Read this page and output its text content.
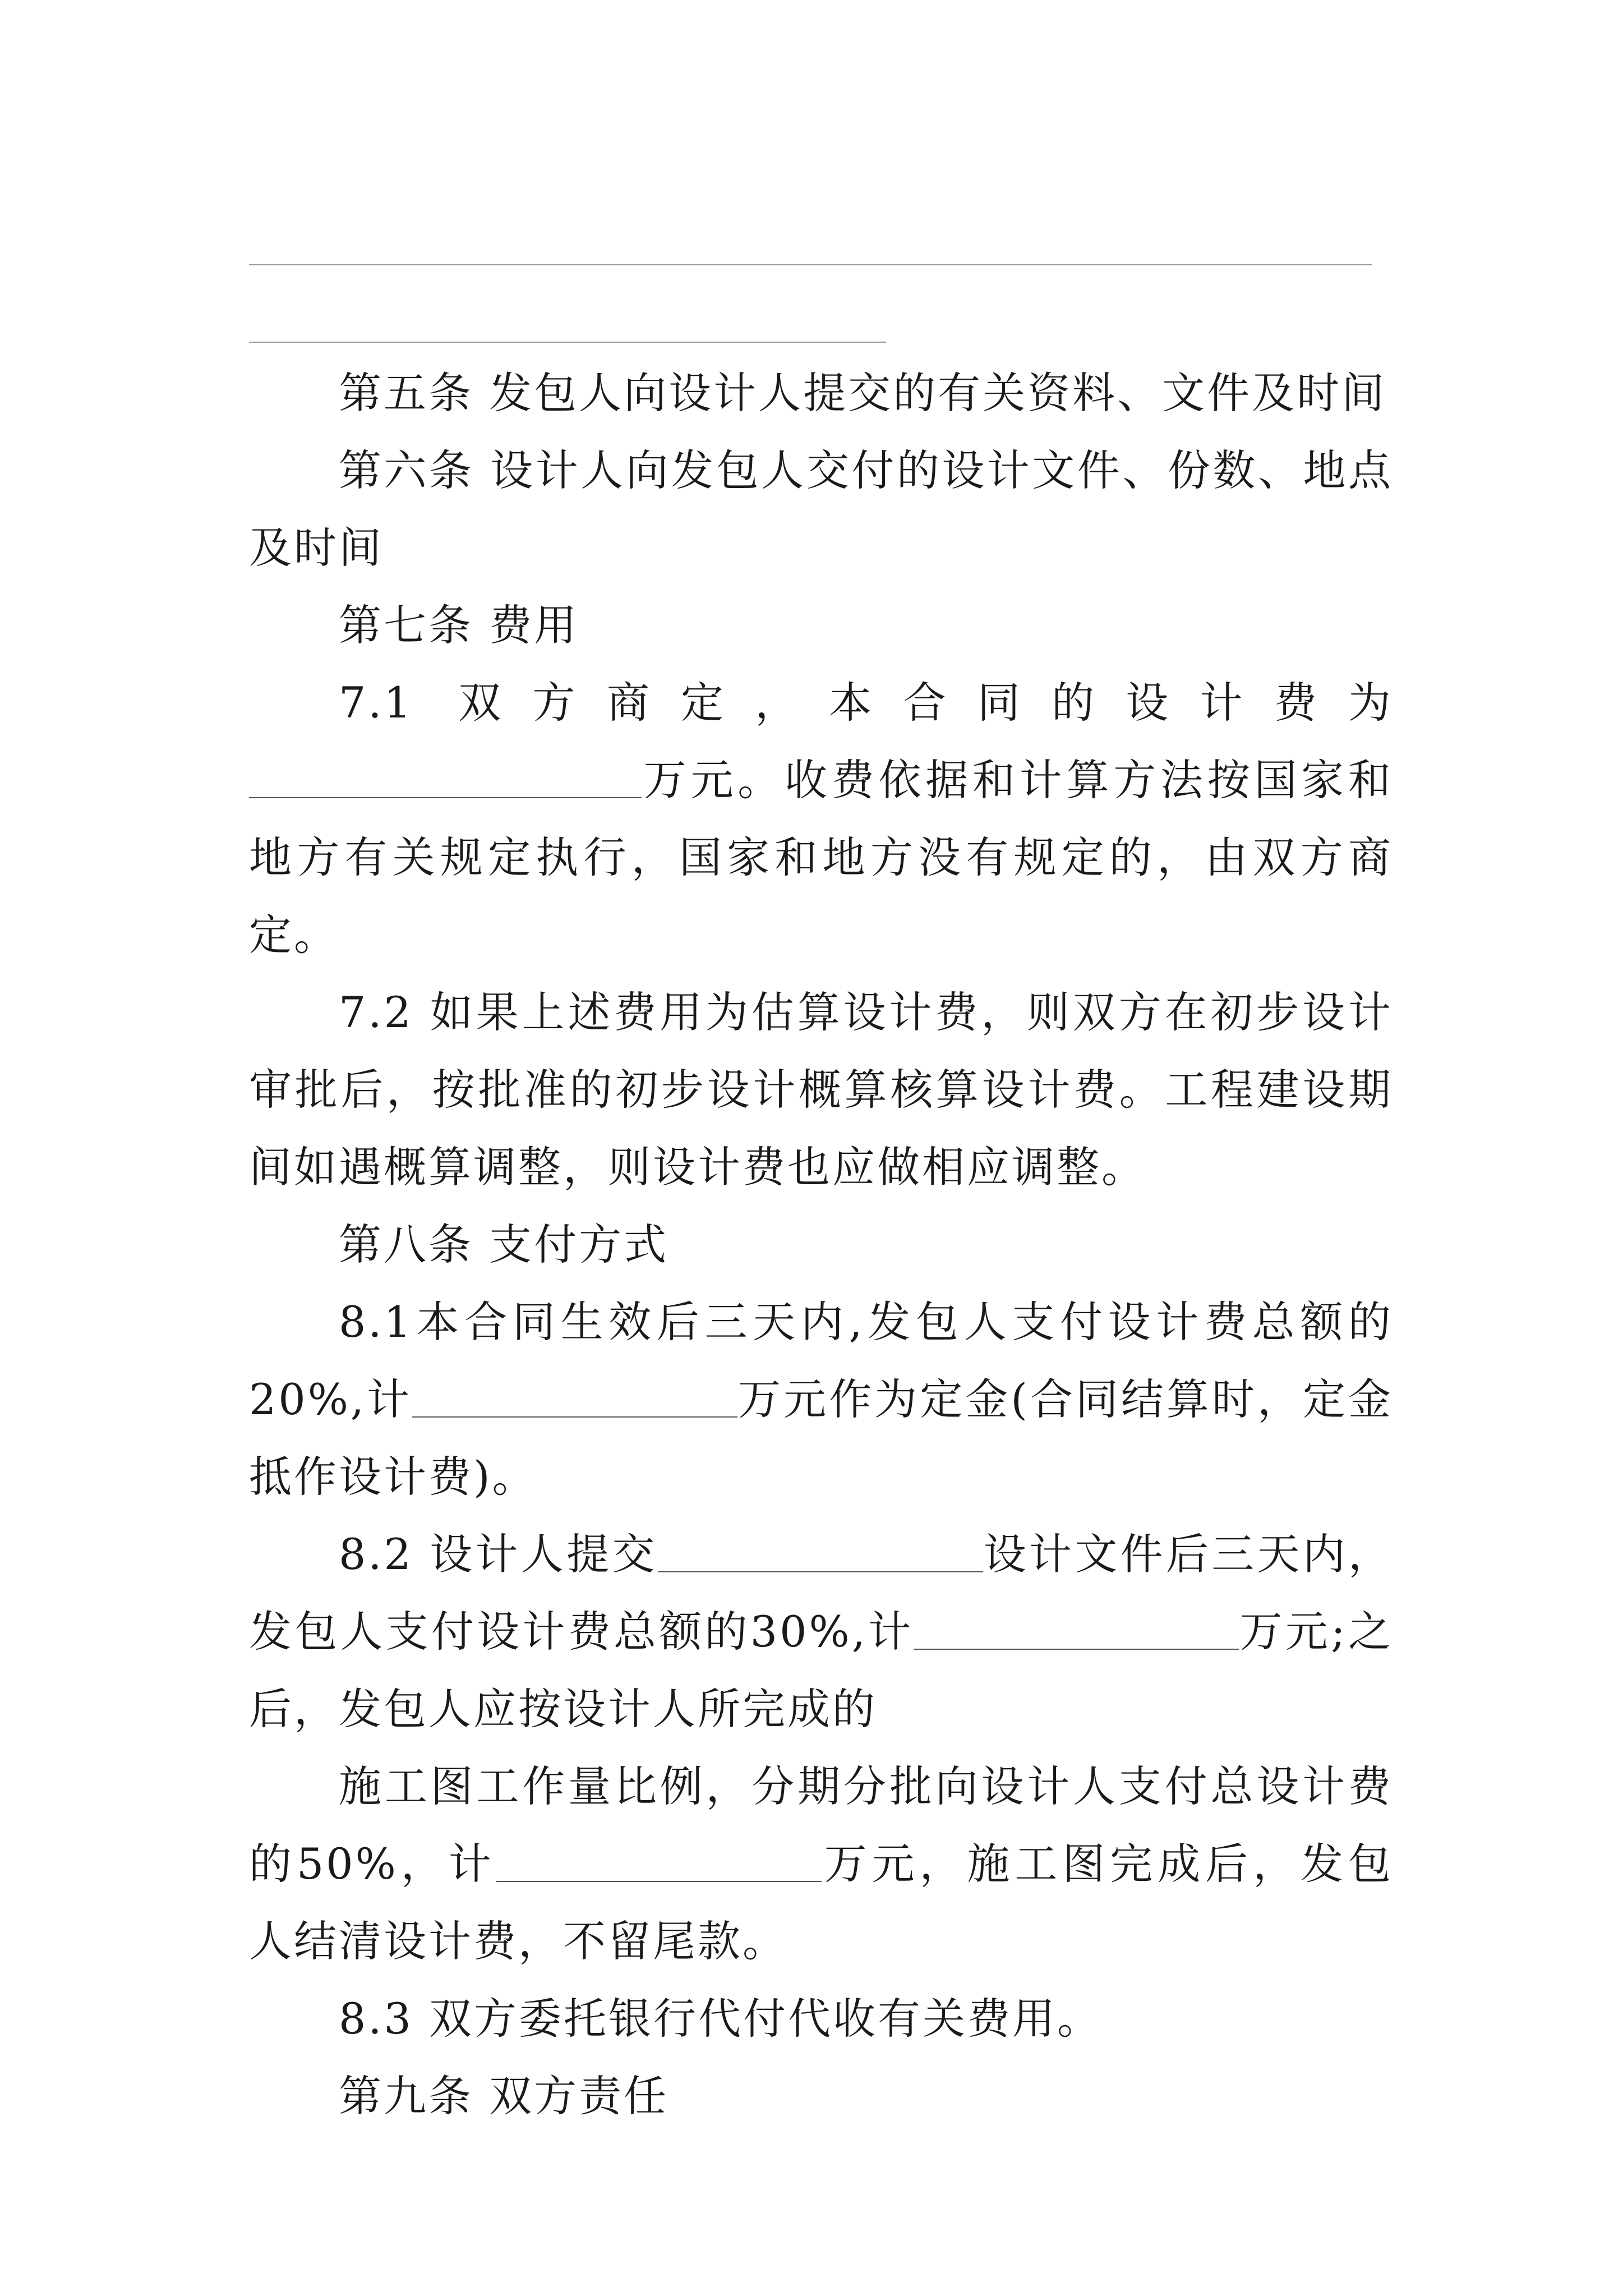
第五条 发包人向设计人提交的有关资料、文件及时间

第六条 设计人向发包人交付的设计文件、份数、地点及时间

第七条 费用

7.1 双方商定，本合同的设计费为万元。收费依据和计算方法按国家和地方有关规定执行，国家和地方没有规定的，由双方商定。

7.2 如果上述费用为估算设计费，则双方在初步设计审批后，按批准的初步设计概算核算设计费。工程建设期间如遇概算调整，则设计费也应做相应调整。

第八条 支付方式

8.1本合同生效后三天内,发包人支付设计费总额的20%,计	万元作为定金(合同结算时，定金抵作设计费)。

8.2 设计人提交	设计文件后三天内，发包人支付设计费总额的30%,计	万元;之后，发包人应按设计人所完成的

施工图工作量比例，分期分批向设计人支付总设计费的50%，计	万元，施工图完成后，发包人结清设计费，不留尾款。

8.3 双方委托银行代付代收有关费用。

第九条 双方责任
